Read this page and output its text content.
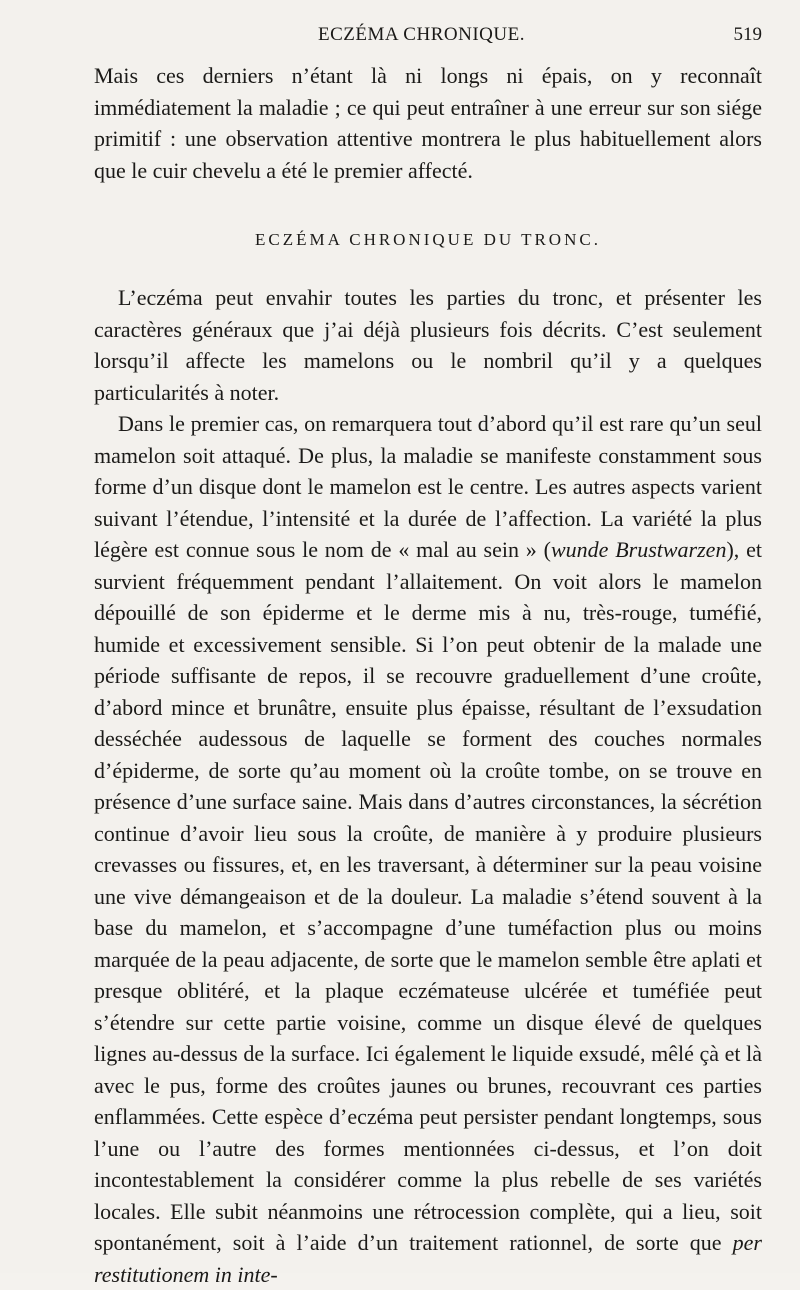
ECZÉMA CHRONIQUE.	519

Mais ces derniers n’étant là ni longs ni épais, on y reconnaît immédiatement la maladie ; ce qui peut entraîner à une erreur sur son siége primitif : une observation attentive montrera le plus habituellement alors que le cuir chevelu a été le premier affecté.

ECZÉMA CHRONIQUE DU TRONC.

L’eczéma peut envahir toutes les parties du tronc, et présenter les caractères généraux que j’ai déjà plusieurs fois décrits. C’est seulement lorsqu’il affecte les mamelons ou le nombril qu’il y a quelques particularités à noter.

Dans le premier cas, on remarquera tout d’abord qu’il est rare qu’un seul mamelon soit attaqué. De plus, la maladie se manifeste constamment sous forme d’un disque dont le mamelon est le centre. Les autres aspects varient suivant l’étendue, l’intensité et la durée de l’affection. La variété la plus légère est connue sous le nom de « mal au sein » (wunde Brustwarzen), et survient fréquemment pendant l’allaitement. On voit alors le mamelon dépouillé de son épiderme et le derme mis à nu, très-rouge, tuméfié, humide et excessivement sensible. Si l’on peut obtenir de la malade une période suffisante de repos, il se recouvre graduellement d’une croûte, d’abord mince et brunâtre, ensuite plus épaisse, résultant de l’exsudation desséchée audessous de laquelle se forment des couches normales d’épiderme, de sorte qu’au moment où la croûte tombe, on se trouve en présence d’une surface saine. Mais dans d’autres circonstances, la sécrétion continue d’avoir lieu sous la croûte, de manière à y produire plusieurs crevasses ou fissures, et, en les traversant, à déterminer sur la peau voisine une vive démangeaison et de la douleur. La maladie s’étend souvent à la base du mamelon, et s’accompagne d’une tuméfaction plus ou moins marquée de la peau adjacente, de sorte que le mamelon semble être aplati et presque oblitéré, et la plaque eczémateuse ulcérée et tuméfiée peut s’étendre sur cette partie voisine, comme un disque élevé de quelques lignes au-dessus de la surface. Ici également le liquide exsudé, mêlé çà et là avec le pus, forme des croûtes jaunes ou brunes, recouvrant ces parties enflammées. Cette espèce d’eczéma peut persister pendant longtemps, sous l’une ou l’autre des formes mentionnées ci-dessus, et l’on doit incontestablement la considérer comme la plus rebelle de ses variétés locales. Elle subit néanmoins une rétrocession complète, qui a lieu, soit spontanément, soit à l’aide d’un traitement rationnel, de sorte que per restitutionem in inte-
